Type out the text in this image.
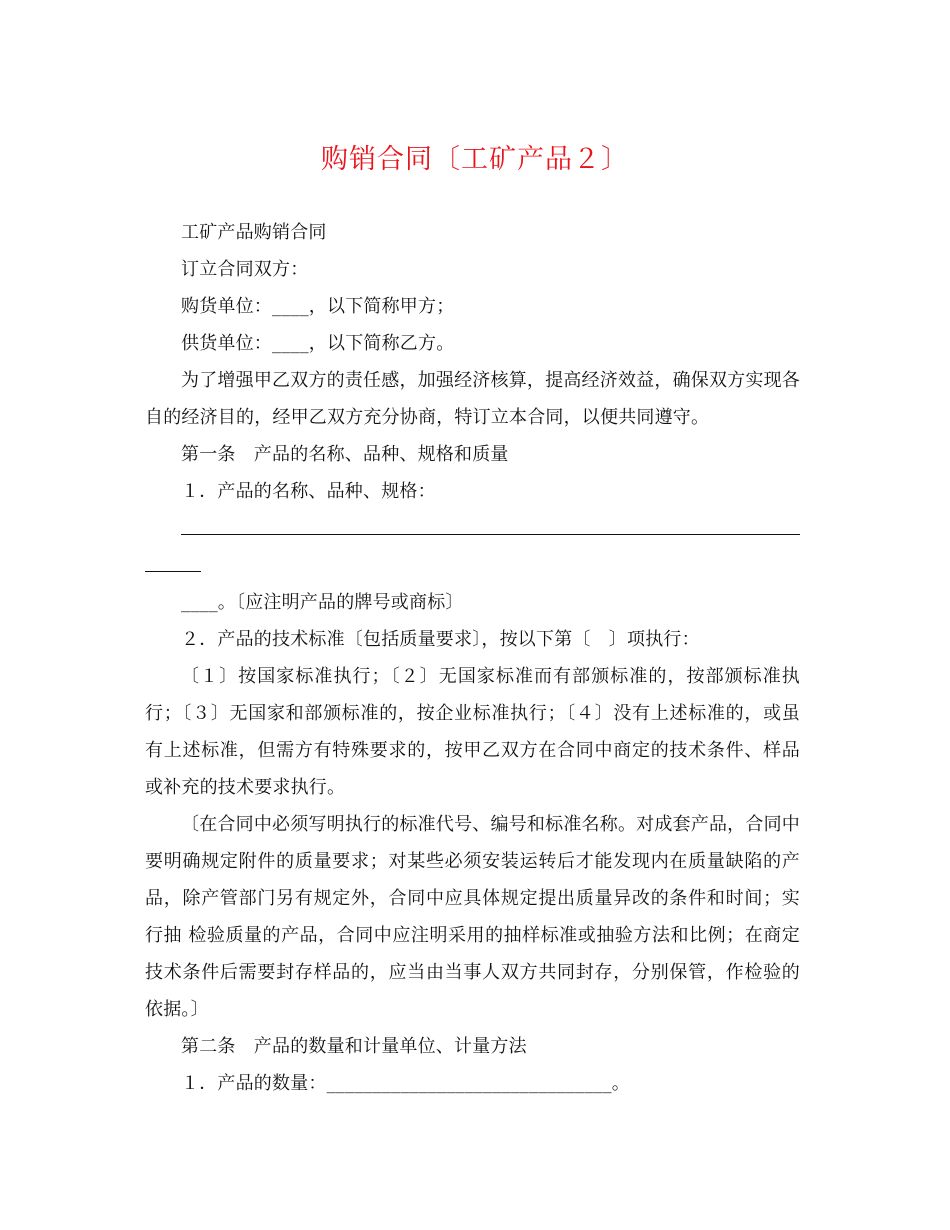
购销合同〔工矿产品２〕

工矿产品购销合同

订立合同双方：

购货单位：____，以下简称甲方；

供货单位：____，以下简称乙方。

为了增强甲乙双方的责任感，加强经济核算，提高经济效益，确保双方实现各自的经济目的，经甲乙双方充分协商，特订立本合同，以便共同遵守。

第一条　产品的名称、品种、规格和质量

１．产品的名称、品种、规格：

____。〔应注明产品的牌号或商标〕

２．产品的技术标准〔包括质量要求〕，按以下第〔　〕项执行：

〔１〕按国家标准执行；〔２〕无国家标准而有部颁标准的，按部颁标准执行；〔３〕无国家和部颁标准的，按企业标准执行；〔４〕没有上述标准的，或虽有上述标准，但需方有特殊要求的，按甲乙双方在合同中商定的技术条件、样品或补充的技术要求执行。

〔在合同中必须写明执行的标准代号、编号和标准名称。对成套产品，合同中要明确规定附件的质量要求；对某些必须安装运转后才能发现内在质量缺陷的产品，除产管部门另有规定外，合同中应具体规定提出质量异改的条件和时间；实行抽 检验质量的产品，合同中应注明采用的抽样标准或抽验方法和比例；在商定技术条件后需要封存样品的，应当由当事人双方共同封存，分别保管，作检验的依据。〕

第二条　产品的数量和计量单位、计量方法

１．产品的数量：_______________________________。
